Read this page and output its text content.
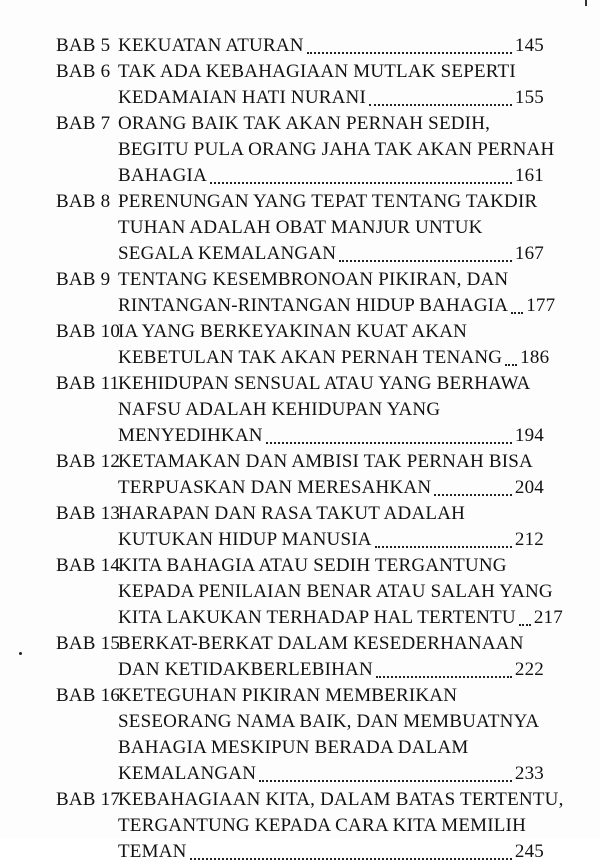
BAB 5 KEKUATAN ATURAN	145
BAB 6 TAK ADA KEBAHAGIAAN MUTLAK SEPERTI
KEDAMAIAN HATI NURANI	155
BAB 7 ORANG BAIK TAK AKAN PERNAH SEDIH,
BEGITU PULA ORANG JAHA TAK AKAN PERNAH
BAHAGIA	161
BAB 8 PERENUNGAN YANG TEPAT TENTANG TAKDIR
TUHAN ADALAH OBAT MANJUR UNTUK
SEGALA KEMALANGAN	167
BAB 9 TENTANG KESEMBRONOAN PIKIRAN, DAN
RINTANGAN-RINTANGAN HIDUP BAHAGIA 177
BAB 10
IA YANG BERKEYAKINAN KUAT AKAN
KEBETULAN TAK AKAN PERNAH TENANG 186
BAB 11
KEHIDUPAN SENSUAL ATAU YANG BERHAWA
NAFSU ADALAH KEHIDUPAN YANG
MENYEDIHKAN	194
BAB 12
KETAMAKAN DAN AMBISI TAK PERNAH BISA
TERPUASKAN DAN MERESAHKAN	204
BAB 13
HARAPAN DAN RASA TAKUT ADALAH
KUTUKAN HIDUP MANUSIA	212
BAB 14
KITA BAHAGIA ATAU SEDIH TERGANTUNG
KEPADA PENILAIAN BENAR ATAU SALAH YANG
KITA LAKUKAN TERHADAP HAL TERTENTU 217
BAB 15
BERKAT-BERKAT DALAM KESEDERHANAAN
DAN KETIDAKBERLEBIHAN	222
BAB 16
KETEGUHAN PIKIRAN MEMBERIKAN
SESEORANG NAMA BAIK, DAN MEMBUATNYA
BAHAGIA MESKIPUN BERADA DALAM
KEMALANGAN	233
BAB 17
KEBAHAGIAAN KITA, DALAM BATAS TERTENTU,
TERGANTUNG KEPADA CARA KITA MEMILIH
TEMAN	245
